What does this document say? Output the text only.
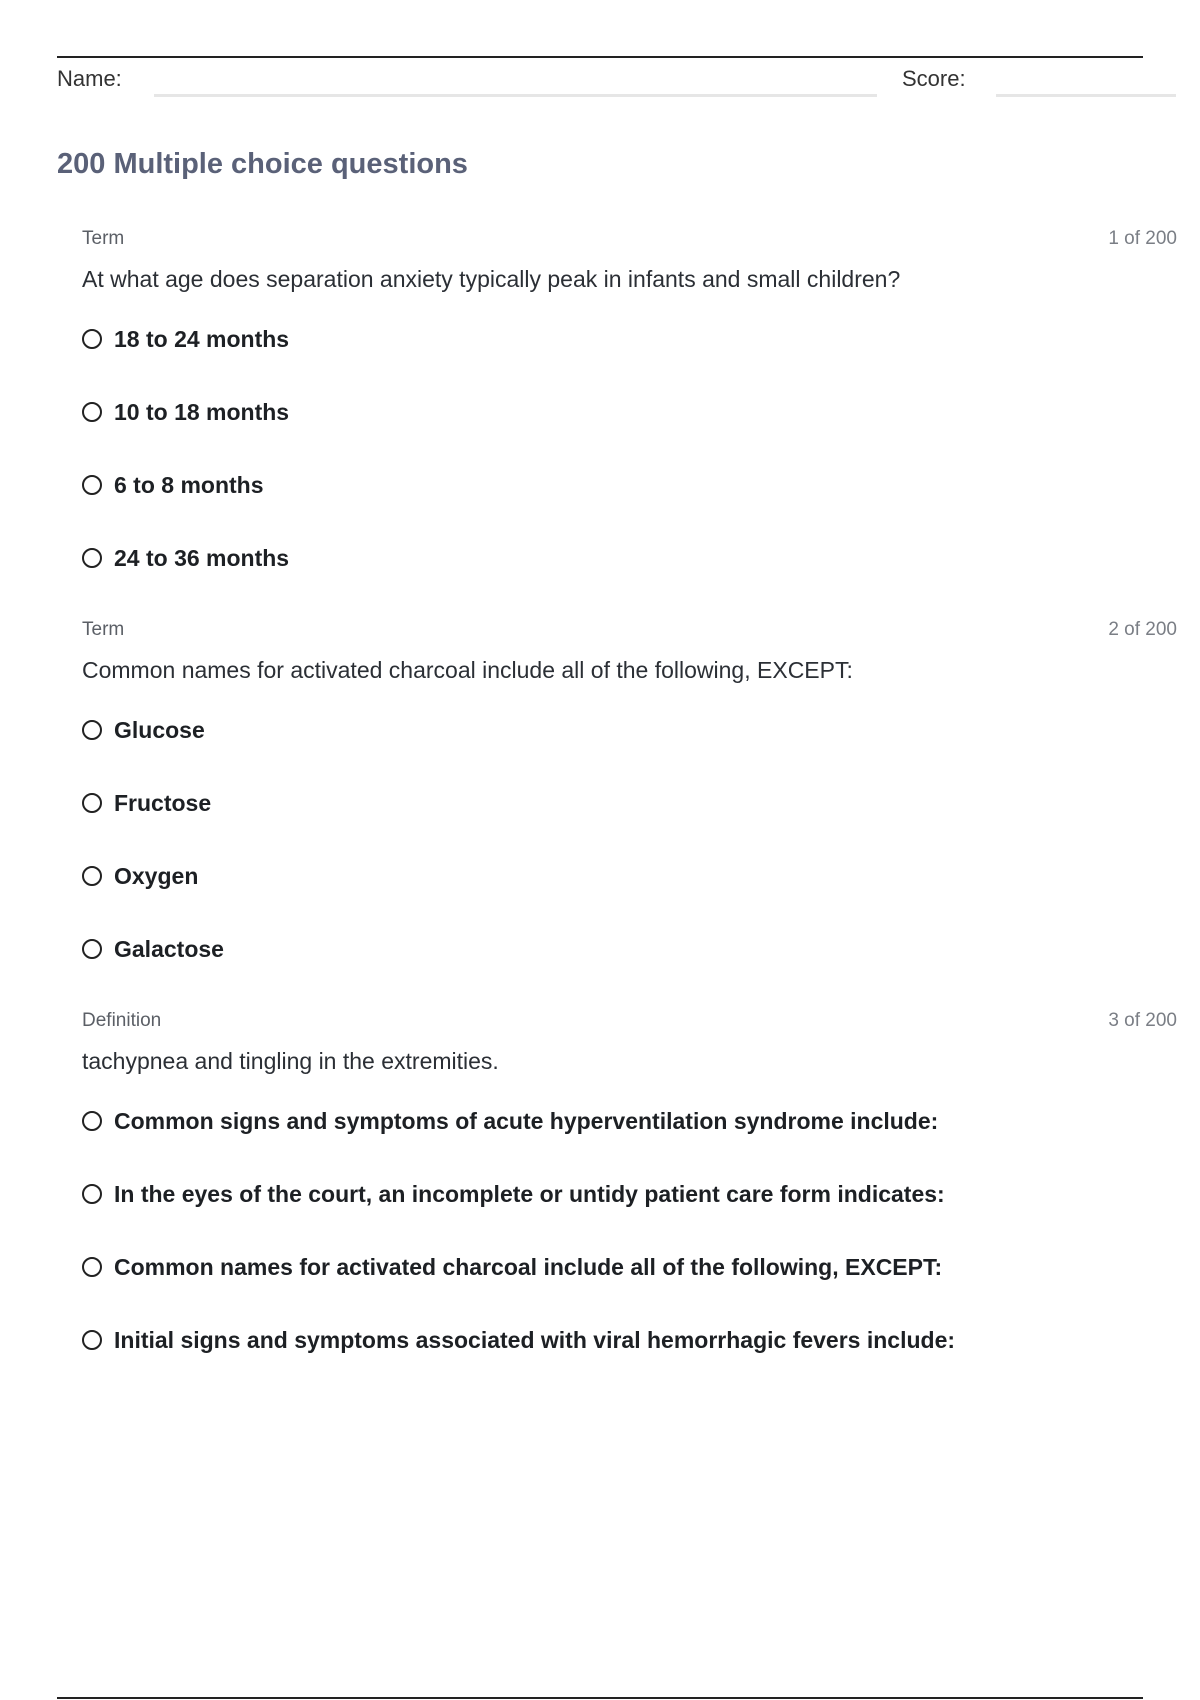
Name:	Score:
200 Multiple choice questions
Term	1 of 200
At what age does separation anxiety typically peak in infants and small children?
18 to 24 months
10 to 18 months
6 to 8 months
24 to 36 months
Term	2 of 200
Common names for activated charcoal include all of the following, EXCEPT:
Glucose
Fructose
Oxygen
Galactose
Definition	3 of 200
tachypnea and tingling in the extremities.
Common signs and symptoms of acute hyperventilation syndrome include:
In the eyes of the court, an incomplete or untidy patient care form indicates:
Common names for activated charcoal include all of the following, EXCEPT:
Initial signs and symptoms associated with viral hemorrhagic fevers include:
